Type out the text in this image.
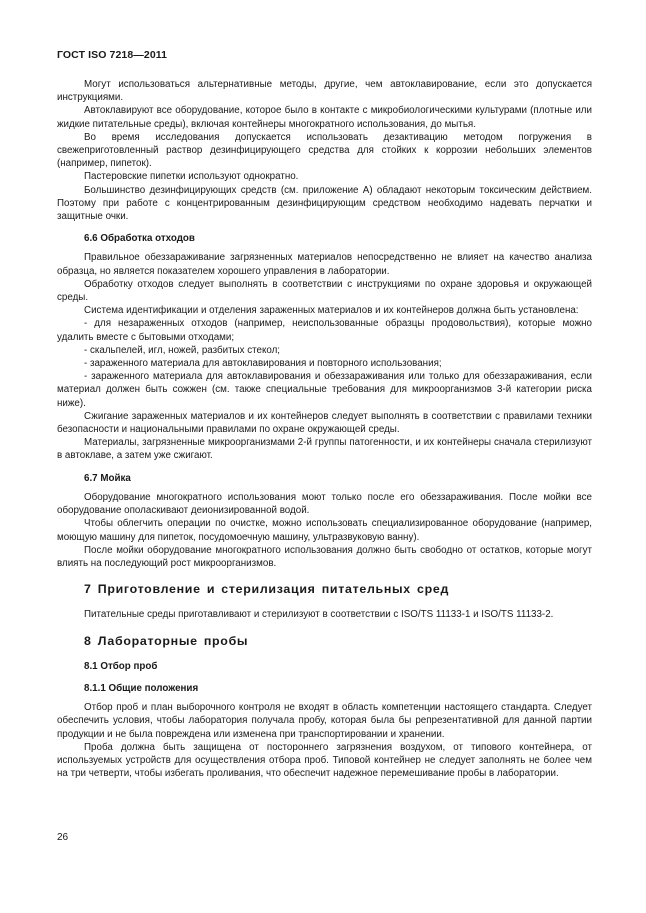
ГОСТ ISO 7218—2011

Могут использоваться альтернативные методы, другие, чем автоклавирование, если это допускается инструкциями.

Автоклавируют все оборудование, которое было в контакте с микробиологическими культурами (плотные или жидкие питательные среды), включая контейнеры многократного использования, до мытья.

Во время исследования допускается использовать дезактивацию методом погружения в свежеприготовленный раствор дезинфицирующего средства для стойких к коррозии небольших элементов (например, пипеток).

Пастеровские пипетки используют однократно.

Большинство дезинфицирующих средств (см. приложение А) обладают некоторым токсическим действием. Поэтому при работе с концентрированным дезинфицирующим средством необходимо надевать перчатки и защитные очки.

6.6 Обработка отходов

Правильное обеззараживание загрязненных материалов непосредственно не влияет на качество анализа образца, но является показателем хорошего управления в лаборатории.

Обработку отходов следует выполнять в соответствии с инструкциями по охране здоровья и окружающей среды.

Система идентификации и отделения зараженных материалов и их контейнеров должна быть установлена:

- для незараженных отходов (например, неиспользованные образцы продовольствия), которые можно удалить вместе с бытовыми отходами;

- скальпелей, игл, ножей, разбитых стекол;

- зараженного материала для автоклавирования и повторного использования;

- зараженного материала для автоклавирования и обеззараживания или только для обеззараживания, если материал должен быть сожжен (см. также специальные требования для микроорганизмов 3-й категории риска ниже).

Сжигание зараженных материалов и их контейнеров следует выполнять в соответствии с правилами техники безопасности и национальными правилами по охране окружающей среды.

Материалы, загрязненные микроорганизмами 2-й группы патогенности, и их контейнеры сначала стерилизуют в автоклаве, а затем уже сжигают.

6.7 Мойка

Оборудование многократного использования моют только после его обеззараживания. После мойки все оборудование ополаскивают деионизированной водой.

Чтобы облегчить операции по очистке, можно использовать специализированное оборудование (например, моющую машину для пипеток, посудомоечную машину, ультразвуковую ванну).

После мойки оборудование многократного использования должно быть свободно от остатков, которые могут влиять на последующий рост микроорганизмов.

7 Приготовление и стерилизация питательных сред

Питательные среды приготавливают и стерилизуют в соответствии с ISO/TS 11133-1 и ISO/TS 11133-2.

8 Лабораторные пробы
8.1 Отбор проб
8.1.1 Общие положения

Отбор проб и план выборочного контроля не входят в область компетенции настоящего стандарта. Следует обеспечить условия, чтобы лаборатория получала пробу, которая была бы репрезентативной для данной партии продукции и не была повреждена или изменена при транспортировании и хранении.

Проба должна быть защищена от постороннего загрязнения воздухом, от типового контейнера, от используемых устройств для осуществления отбора проб. Типовой контейнер не следует заполнять не более чем на три четверти, чтобы избегать проливания, что обеспечит надежное перемешивание пробы в лаборатории.

26
